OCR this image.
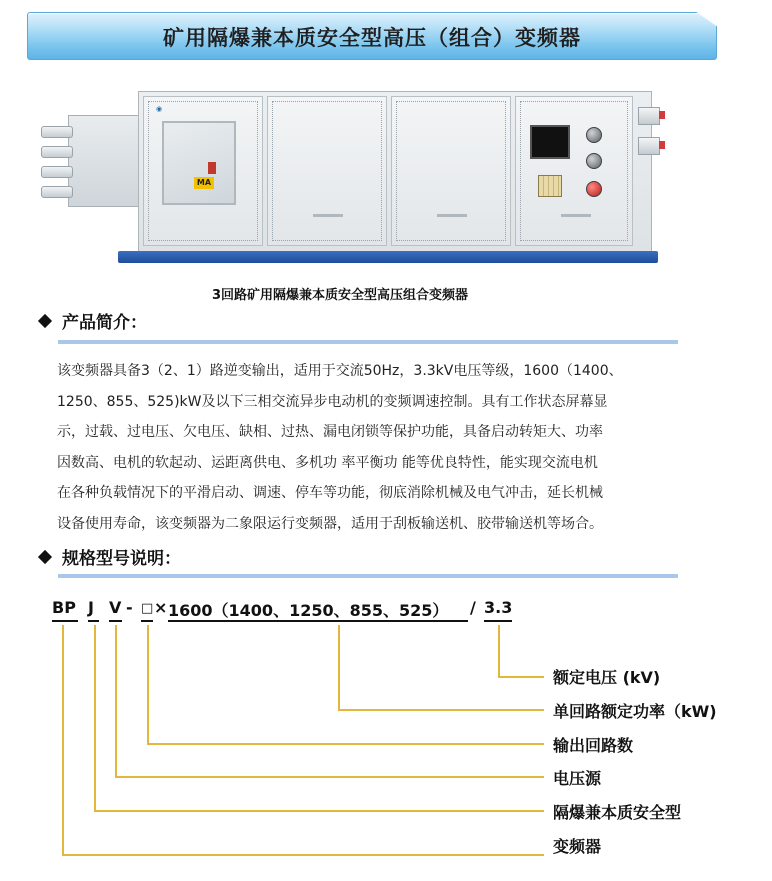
矿用隔爆兼本质安全型高压（组合）变频器
◉
MA
3回路矿用隔爆兼本质安全型高压组合变频器
产品简介：
该变频器具备3（2、1）路逆变输出，适用于交流50Hz，3.3kV电压等级，1600（1400、
1250、855、525)kW及以下三相交流异步电动机的变频调速控制。具有工作状态屏幕显
示，过载、过电压、欠电压、缺相、过热、漏电闭锁等保护功能，具备启动转矩大、功率
因数高、电机的软起动、运距离供电、多机功 率平衡功 能等优良特性，能实现交流电机
在各种负载情况下的平滑启动、调速、停车等功能，彻底消除机械及电气冲击，延长机械
设备使用寿命，该变频器为二象限运行变频器，适用于刮板输送机、胶带输送机等场合。
规格型号说明：
BP J V - □ × 1600（1400、1250、855、525） / 3.3
额定电压 (kV)
单回路额定功率（kW)
输出回路数
电压源
隔爆兼本质安全型
变频器
